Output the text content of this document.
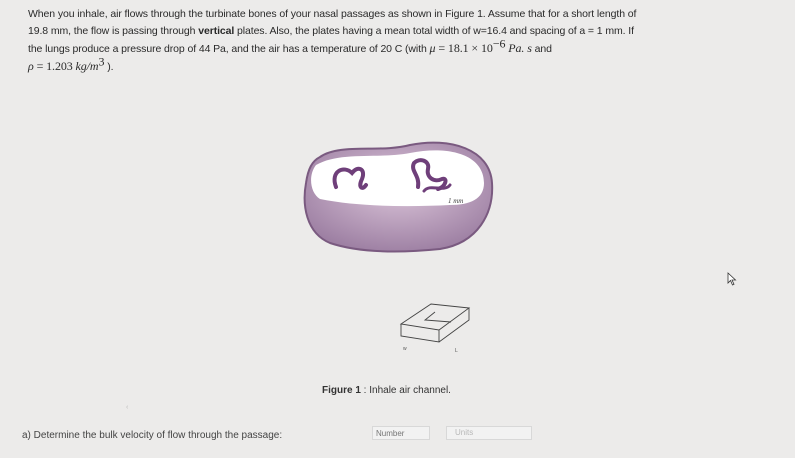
When you inhale, air flows through the turbinate bones of your nasal passages as shown in Figure 1. Assume that for a short length of
19.8 mm, the flow is passing through vertical plates. Also, the plates having a mean total width of w=16.4 and spacing of a = 1 mm. If
the lungs produce a pressure drop of 44 Pa, and the air has a temperature of 20 C (with $\mu = 18.1 \times 10^{-6}$ Pa. s and
ρ = 1.203 $kg/m^3$ ).
1 mm
w	L
Figure 1 : Inhale air channel.
‹
a) Determine the bulk velocity of flow through the passage:
Number	Units
